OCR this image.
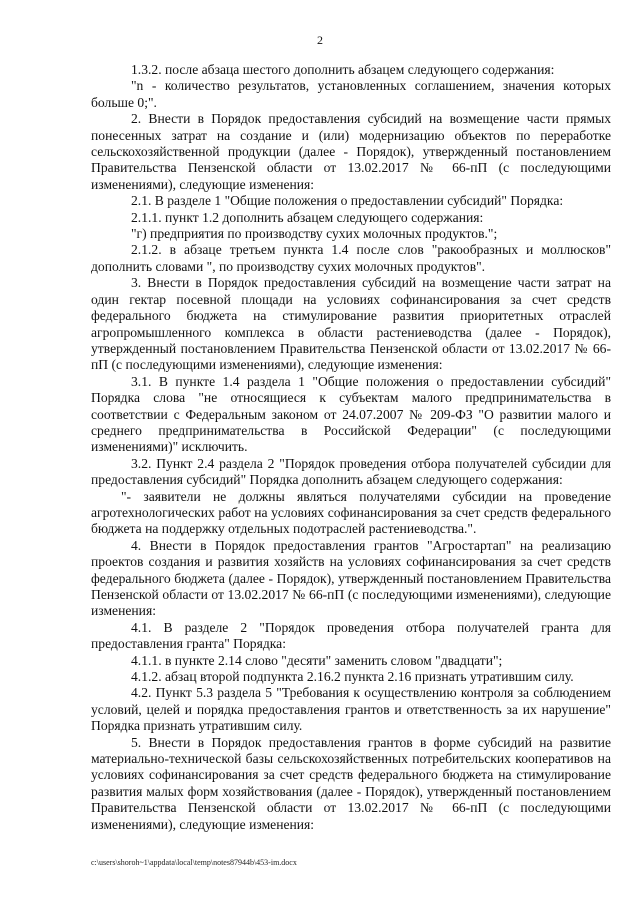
2

1.3.2. после абзаца шестого дополнить абзацем следующего содержания:

"n - количество результатов, установленных соглашением, значения которых больше 0;".

2. Внести в Порядок предоставления субсидий на возмещение части прямых понесенных затрат на создание и (или) модернизацию объектов по переработке сельскохозяйственной продукции (далее - Порядок), утвержденный постановлением Правительства Пензенской области от 13.02.2017 № 66-пП (с последующими изменениями), следующие изменения:

2.1. В разделе 1 "Общие положения о предоставлении субсидий" Порядка:

2.1.1. пункт 1.2 дополнить абзацем следующего содержания:

"г) предприятия по производству сухих молочных продуктов.";

2.1.2. в абзаце третьем пункта 1.4 после слов "ракообразных и моллюсков" дополнить словами ", по производству сухих молочных продуктов".

3. Внести в Порядок предоставления субсидий на возмещение части затрат на один гектар посевной площади на условиях софинансирования за счет средств федерального бюджета на стимулирование развития приоритетных отраслей агропромышленного комплекса в области растениеводства (далее - Порядок), утвержденный постановлением Правительства Пензенской области от 13.02.2017 № 66-пП (с последующими изменениями), следующие изменения:

3.1. В пункте 1.4 раздела 1 "Общие положения о предоставлении субсидий" Порядка слова "не относящиеся к субъектам малого предпринимательства в соответствии с Федеральным законом от 24.07.2007 № 209-ФЗ "О развитии малого и среднего предпринимательства в Российской Федерации" (с последующими изменениями)" исключить.

3.2. Пункт 2.4 раздела 2 "Порядок проведения отбора получателей субсидии для предоставления субсидий" Порядка дополнить абзацем следующего содержания:

"- заявители не должны являться получателями субсидии на проведение агротехнологических работ на условиях софинансирования за счет средств федерального бюджета на поддержку отдельных подотраслей растениеводства.".

4. Внести в Порядок предоставления грантов "Агростартап" на реализацию проектов создания и развития хозяйств на условиях софинансирования за счет средств федерального бюджета (далее - Порядок), утвержденный постановлением Правительства Пензенской области от 13.02.2017 № 66-пП (с последующими изменениями), следующие изменения:

4.1. В разделе 2 "Порядок проведения отбора получателей гранта для предоставления гранта" Порядка:

4.1.1. в пункте 2.14 слово "десяти" заменить словом "двадцати";

4.1.2. абзац второй подпункта 2.16.2 пункта 2.16 признать утратившим силу.

4.2. Пункт 5.3 раздела 5 "Требования к осуществлению контроля за соблюдением условий, целей и порядка предоставления грантов и ответственность за их нарушение" Порядка признать утратившим силу.

5. Внести в Порядок предоставления грантов в форме субсидий на развитие материально-технической базы сельскохозяйственных потребительских кооперативов на условиях софинансирования за счет средств федерального бюджета на стимулирование развития малых форм хозяйствования (далее - Порядок), утвержденный постановлением Правительства Пензенской области от 13.02.2017 № 66-пП (с последующими изменениями), следующие изменения:

c:\users\shoroh~1\appdata\local\temp\notes87944b\453-im.docx
